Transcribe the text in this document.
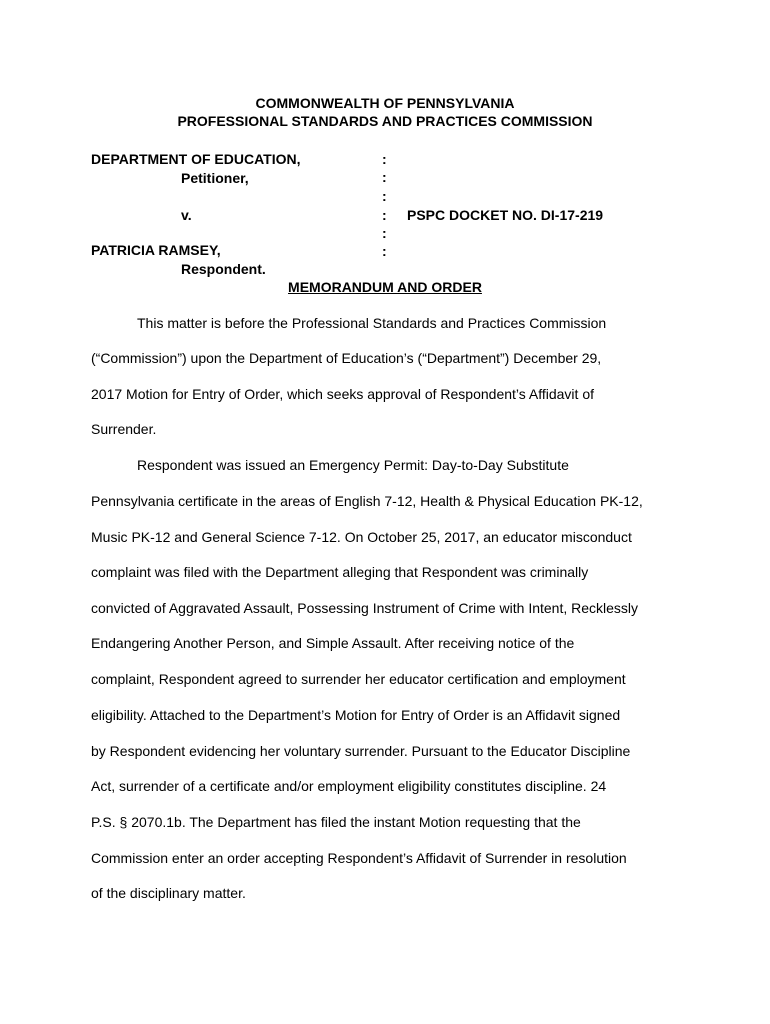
COMMONWEALTH OF PENNSYLVANIA
PROFESSIONAL STANDARDS AND PRACTICES COMMISSION
DEPARTMENT OF EDUCATION,
Petitioner,
v.	PSPC DOCKET NO. DI-17-219
PATRICIA RAMSEY,
Respondent.
:
:
:
:
:
:
MEMORANDUM AND ORDER
This matter is before the Professional Standards and Practices Commission
(“Commission”) upon the Department of Education’s (“Department”) December 29,
2017 Motion for Entry of Order, which seeks approval of Respondent’s Affidavit of
Surrender.
Respondent was issued an Emergency Permit: Day-to-Day Substitute
Pennsylvania certificate in the areas of English 7-12, Health & Physical Education PK-12,
Music PK-12 and General Science 7-12. On October 25, 2017, an educator misconduct
complaint was filed with the Department alleging that Respondent was criminally
convicted of Aggravated Assault, Possessing Instrument of Crime with Intent, Recklessly
Endangering Another Person, and Simple Assault. After receiving notice of the
complaint, Respondent agreed to surrender her educator certification and employment
eligibility. Attached to the Department’s Motion for Entry of Order is an Affidavit signed
by Respondent evidencing her voluntary surrender. Pursuant to the Educator Discipline
Act, surrender of a certificate and/or employment eligibility constitutes discipline. 24
P.S. § 2070.1b. The Department has filed the instant Motion requesting that the
Commission enter an order accepting Respondent’s Affidavit of Surrender in resolution
of the disciplinary matter.
